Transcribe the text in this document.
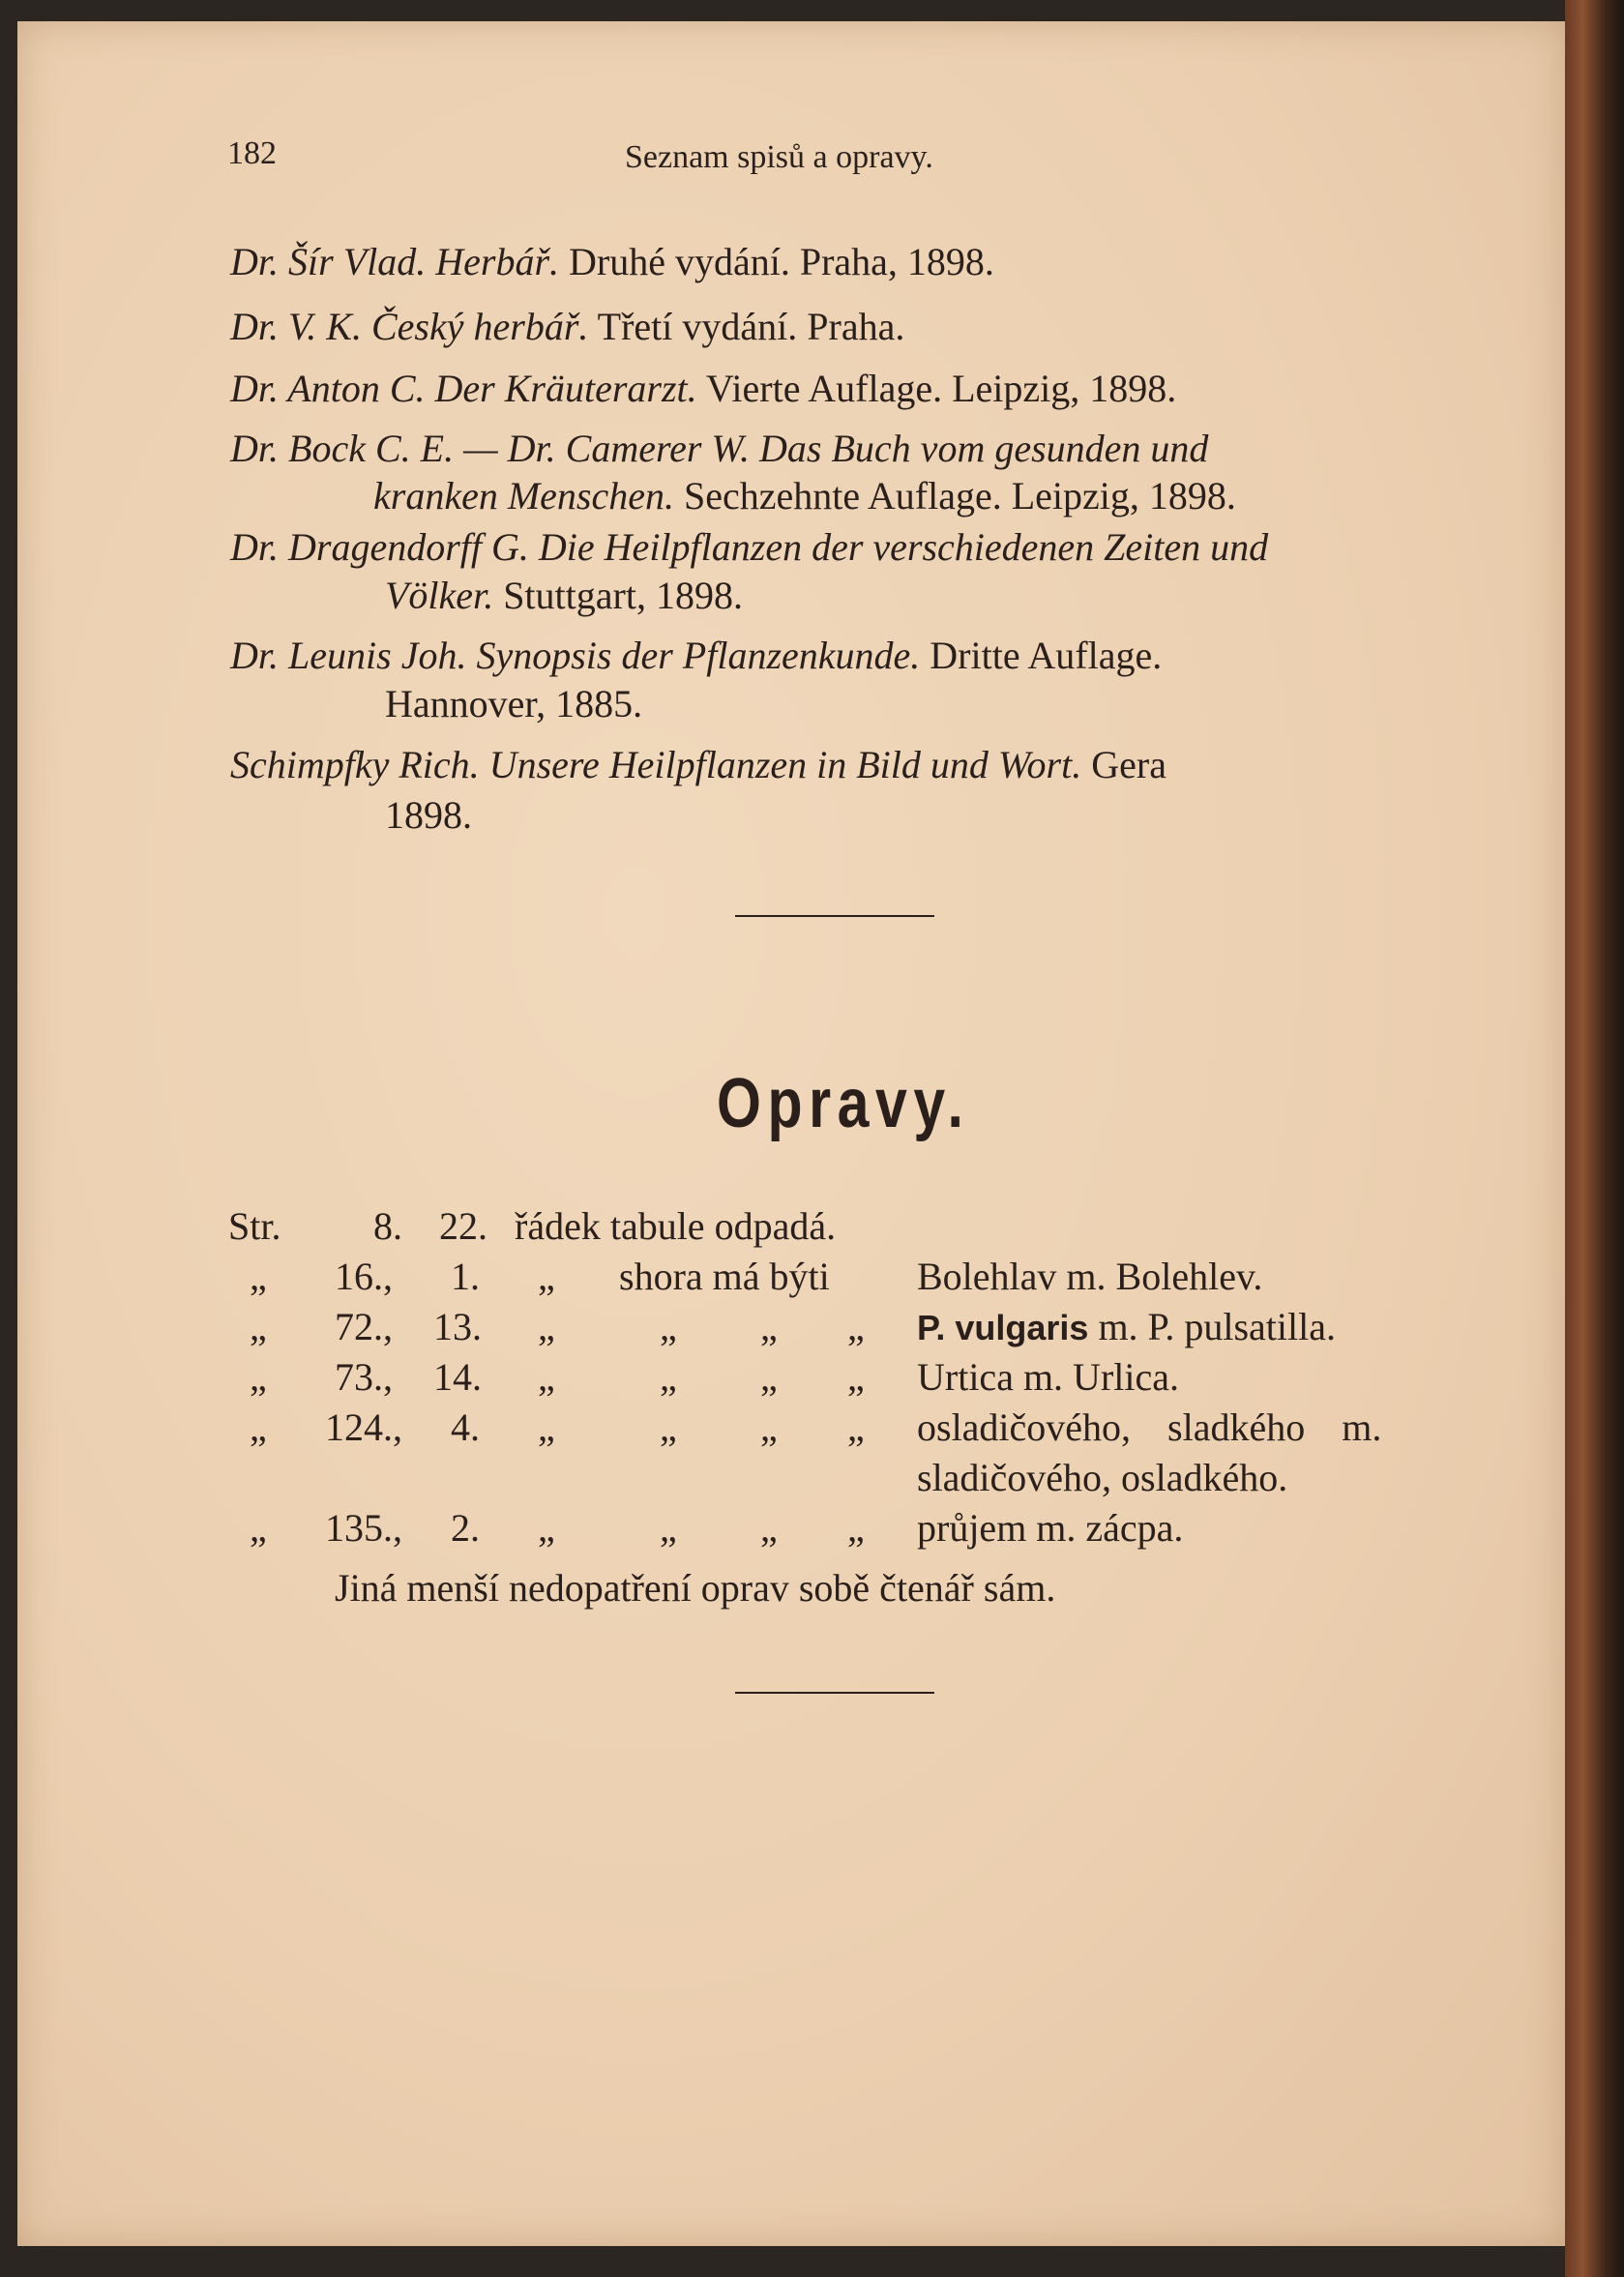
182	Seznam spisů a opravy.
Dr. Šír Vlad. Herbář. Druhé vydání. Praha, 1898.
Dr. V. K. Český herbář. Třetí vydání. Praha.
Dr. Anton C. Der Kräuterarzt. Vierte Auflage. Leipzig, 1898.
Dr. Bock C. E. — Dr. Camerer W. Das Buch vom gesunden und
kranken Menschen. Sechzehnte Auflage. Leipzig, 1898.
Dr. Dragendorff G. Die Heilpflanzen der verschiedenen Zeiten und
Völker. Stuttgart, 1898.
Dr. Leunis Joh. Synopsis der Pflanzenkunde. Dritte Auflage.
Hannover, 1885.
Schimpfky Rich. Unsere Heilpflanzen in Bild und Wort. Gera
1898.
Opravy.
Str. 8. 22. řádek tabule odpadá.
„ 16., 1. „ shora má býti Bolehlav m. Bolehlev.
„ 72., 13. „	„ „ „ P. vulgaris m. P. pulsatilla.
„ 73., 14. „	„ „ „ Urtica m. Urlica.
„ 124., 4. „	„ „ „ osladičového, sladkého m.
sladičového, osladkého.
„ 135., 2. „	„ „ „ průjem m. zácpa.
Jiná menší nedopatření oprav sobě čtenář sám.
